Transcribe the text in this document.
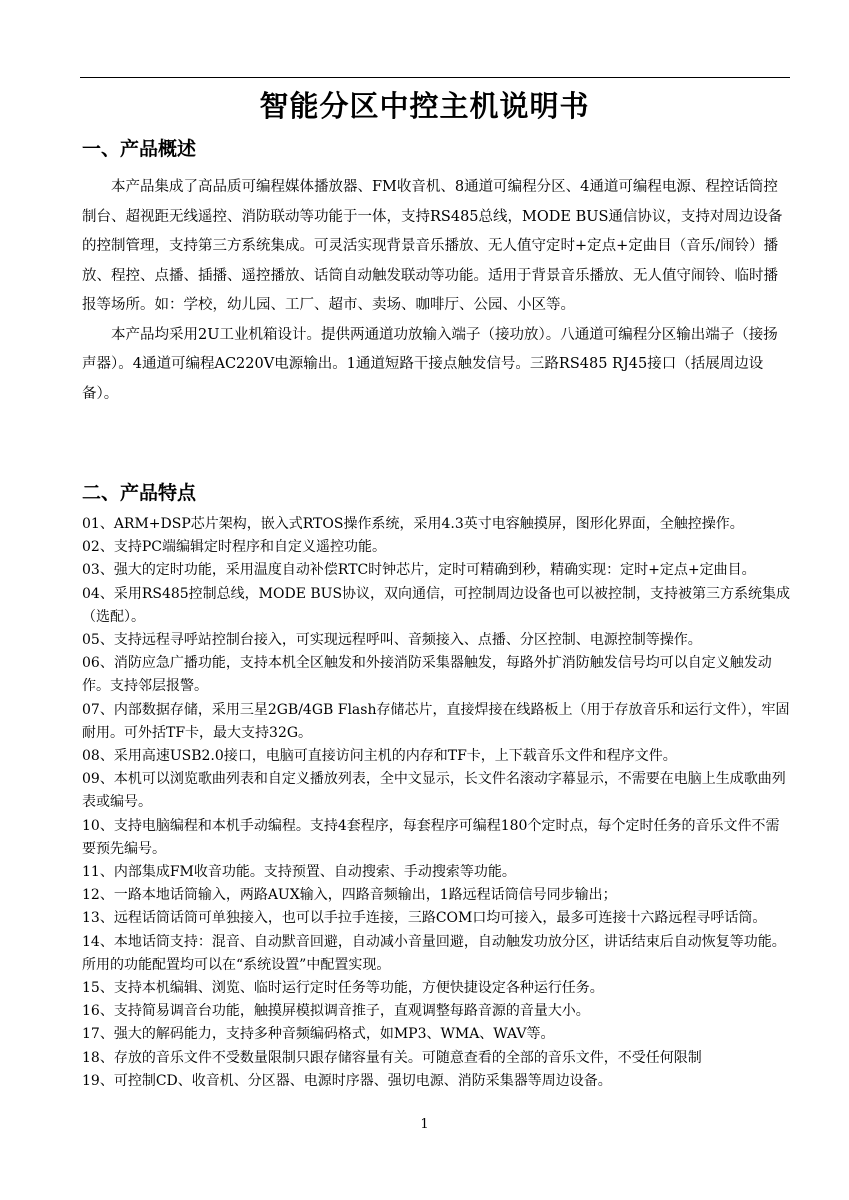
智能分区中控主机说明书
一、产品概述

本产品集成了高品质可编程媒体播放器、FM收音机、8通道可编程分区、4通道可编程电源、程控话筒控制台、超视距无线遥控、消防联动等功能于一体，支持RS485总线，MODE BUS通信协议，支持对周边设备的控制管理，支持第三方系统集成。可灵活实现背景音乐播放、无人值守定时+定点+定曲目（音乐/闹铃）播放、程控、点播、插播、遥控播放、话筒自动触发联动等功能。适用于背景音乐播放、无人值守闹铃、临时播报等场所。如：学校，幼儿园、工厂、超市、卖场、咖啡厅、公园、小区等。

本产品均采用2U工业机箱设计。提供两通道功放输入端子（接功放）。八通道可编程分区输出端子（接扬声器）。4通道可编程AC220V电源输出。1通道短路干接点触发信号。三路RS485 RJ45接口（括展周边设备）。

二、产品特点

01、ARM+DSP芯片架构，嵌入式RTOS操作系统，采用4.3英寸电容触摸屏，图形化界面，全触控操作。

02、支持PC端编辑定时程序和自定义遥控功能。

03、强大的定时功能，采用温度自动补偿RTC时钟芯片，定时可精确到秒，精确实现：定时+定点+定曲目。

04、采用RS485控制总线，MODE BUS协议，双向通信，可控制周边设备也可以被控制，支持被第三方系统集成（选配）。

05、支持远程寻呼站控制台接入，可实现远程呼叫、音频接入、点播、分区控制、电源控制等操作。

06、消防应急广播功能，支持本机全区触发和外接消防采集器触发，每路外扩消防触发信号均可以自定义触发动作。支持邻层报警。

07、内部数据存储，采用三星2GB/4GB Flash存储芯片，直接焊接在线路板上（用于存放音乐和运行文件），牢固耐用。可外括TF卡，最大支持32G。

08、采用高速USB2.0接口，电脑可直接访问主机的内存和TF卡，上下载音乐文件和程序文件。

09、本机可以浏览歌曲列表和自定义播放列表，全中文显示，长文件名滚动字幕显示，不需要在电脑上生成歌曲列表或编号。

10、支持电脑编程和本机手动编程。支持4套程序，每套程序可编程180个定时点，每个定时任务的音乐文件不需要预先编号。

11、内部集成FM收音功能。支持预置、自动搜索、手动搜索等功能。

12、一路本地话筒输入，两路AUX输入，四路音频输出，1路远程话筒信号同步输出；

13、远程话筒话筒可单独接入，也可以手拉手连接，三路COM口均可接入，最多可连接十六路远程寻呼话筒。

14、本地话筒支持：混音、自动默音回避，自动减小音量回避，自动触发功放分区，讲话结束后自动恢复等功能。所用的功能配置均可以在“系统设置”中配置实现。

15、支持本机编辑、浏览、临时运行定时任务等功能，方便快捷设定各种运行任务。

16、支持简易调音台功能，触摸屏模拟调音推子，直观调整每路音源的音量大小。

17、强大的解码能力，支持多种音频编码格式，如MP3、WMA、WAV等。

18、存放的音乐文件不受数量限制只跟存储容量有关。可随意查看的全部的音乐文件，不受任何限制

19、可控制CD、收音机、分区器、电源时序器、强切电源、消防采集器等周边设备。

1
